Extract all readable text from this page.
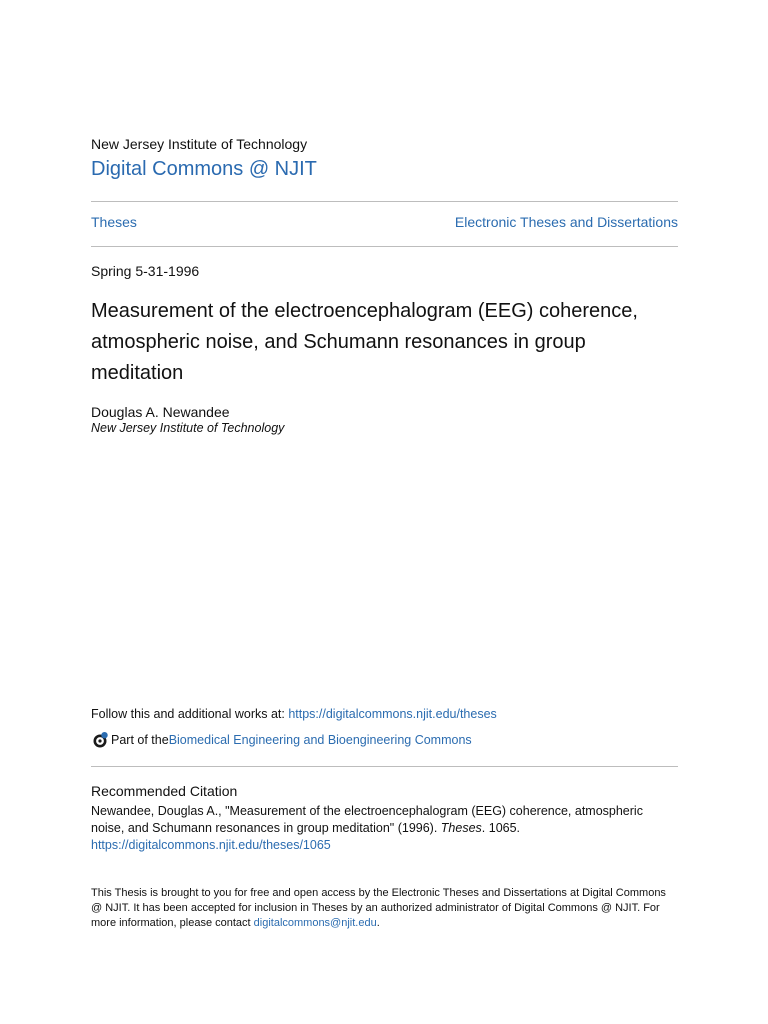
New Jersey Institute of Technology
Digital Commons @ NJIT
Theses	Electronic Theses and Dissertations
Spring 5-31-1996
Measurement of the electroencephalogram (EEG) coherence, atmospheric noise, and Schumann resonances in group meditation
Douglas A. Newandee
New Jersey Institute of Technology
Follow this and additional works at: https://digitalcommons.njit.edu/theses
Part of the Biomedical Engineering and Bioengineering Commons
Recommended Citation
Newandee, Douglas A., "Measurement of the electroencephalogram (EEG) coherence, atmospheric noise, and Schumann resonances in group meditation" (1996). Theses. 1065.
https://digitalcommons.njit.edu/theses/1065
This Thesis is brought to you for free and open access by the Electronic Theses and Dissertations at Digital Commons @ NJIT. It has been accepted for inclusion in Theses by an authorized administrator of Digital Commons @ NJIT. For more information, please contact digitalcommons@njit.edu.
